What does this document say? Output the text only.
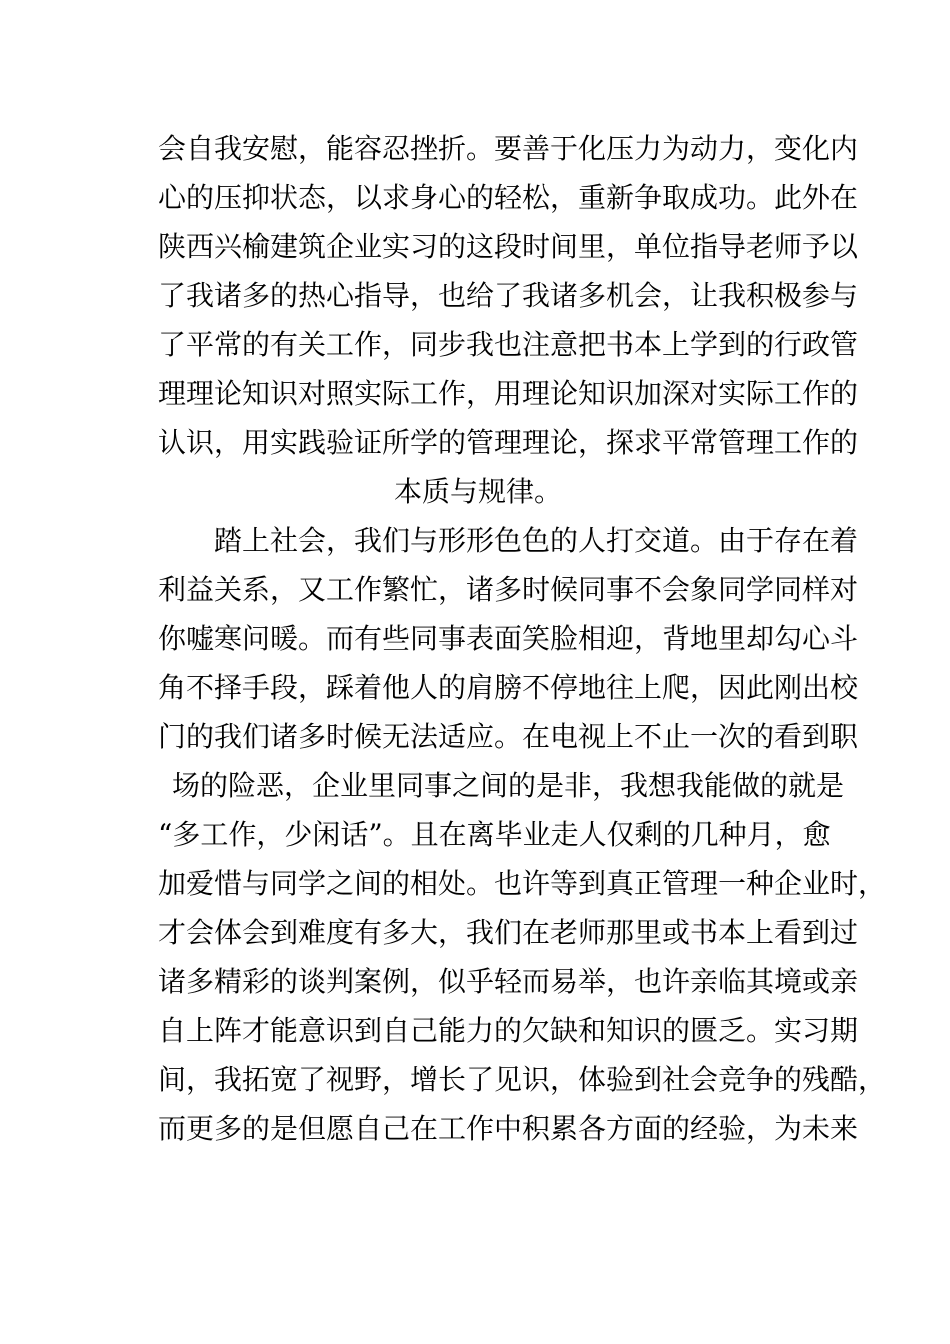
会自我安慰，能容忍挫折。要善于化压力为动力，变化内
心的压抑状态，以求身心的轻松，重新争取成功。此外在
陕西兴榆建筑企业实习的这段时间里，单位指导老师予以
了我诸多的热心指导，也给了我诸多机会，让我积极参与
了平常的有关工作，同步我也注意把书本上学到的行政管
理理论知识对照实际工作，用理论知识加深对实际工作的
认识，用实践验证所学的管理理论，探求平常管理工作的
本质与规律。
踏上社会，我们与形形色色的人打交道。由于存在着
利益关系，又工作繁忙，诸多时候同事不会象同学同样对
你嘘寒问暖。而有些同事表面笑脸相迎，背地里却勾心斗
角不择手段，踩着他人的肩膀不停地往上爬，因此刚出校
门的我们诸多时候无法适应。在电视上不止一次的看到职
场的险恶，企业里同事之间的是非，我想我能做的就是
“多工作，少闲话”。且在离毕业走人仅剩的几种月，愈
加爱惜与同学之间的相处。也许等到真正管理一种企业时，
才会体会到难度有多大，我们在老师那里或书本上看到过
诸多精彩的谈判案例，似乎轻而易举，也许亲临其境或亲
自上阵才能意识到自己能力的欠缺和知识的匮乏。实习期
间，我拓宽了视野，增长了见识，体验到社会竞争的残酷，
而更多的是但愿自己在工作中积累各方面的经验，为未来
